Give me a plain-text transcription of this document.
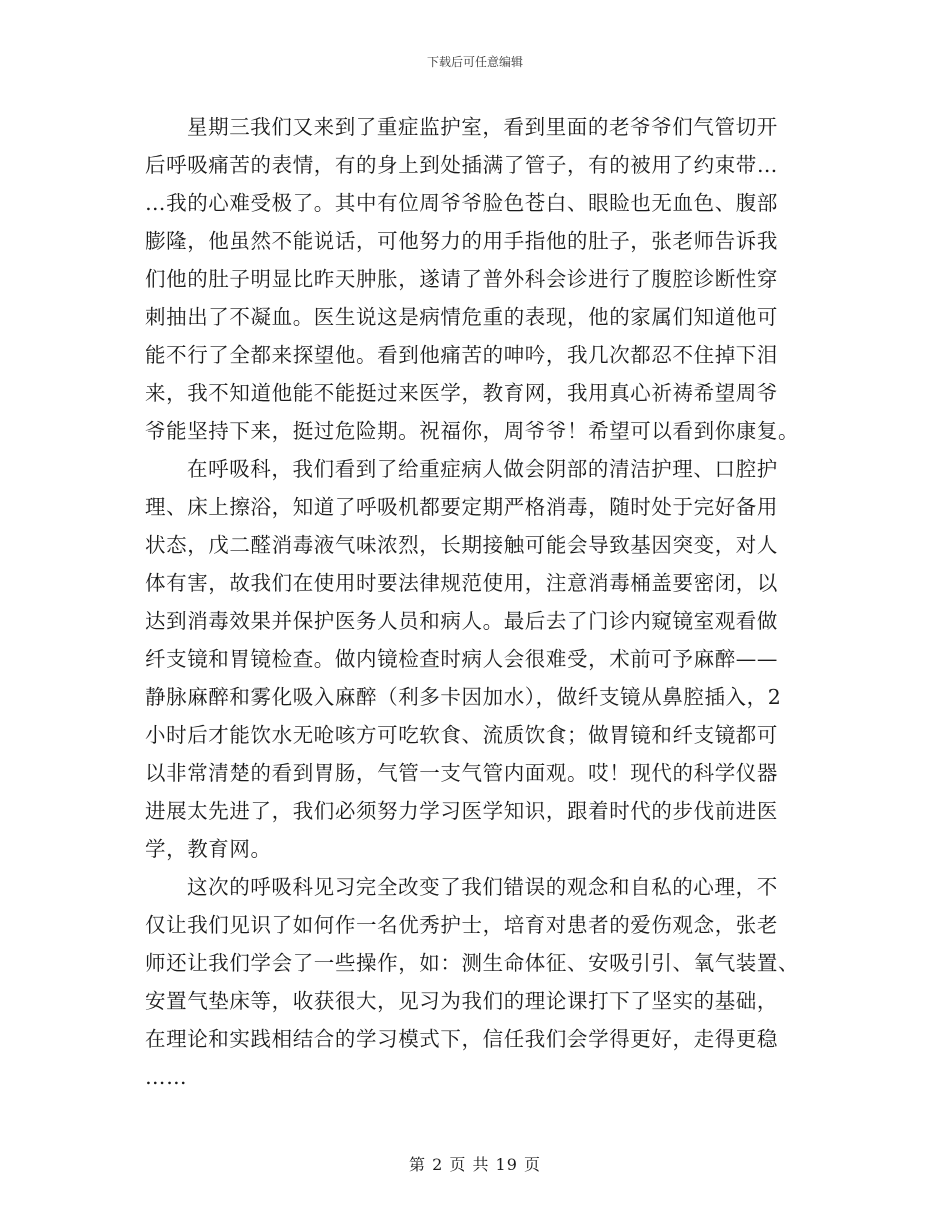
下载后可任意编辑
星期三我们又来到了重症监护室，看到里面的老爷爷们气管切开
后呼吸痛苦的表情，有的身上到处插满了管子，有的被用了约束带…
…我的心难受极了。其中有位周爷爷脸色苍白、眼睑也无血色、腹部
膨隆，他虽然不能说话，可他努力的用手指他的肚子，张老师告诉我
们他的肚子明显比昨天肿胀，遂请了普外科会诊进行了腹腔诊断性穿
刺抽出了不凝血。医生说这是病情危重的表现，他的家属们知道他可
能不行了全都来探望他。看到他痛苦的呻吟，我几次都忍不住掉下泪
来，我不知道他能不能挺过来医学，教育网，我用真心祈祷希望周爷
爷能坚持下来，挺过危险期。祝福你，周爷爷！希望可以看到你康复。
在呼吸科，我们看到了给重症病人做会阴部的清洁护理、口腔护
理、床上擦浴，知道了呼吸机都要定期严格消毒，随时处于完好备用
状态，戊二醛消毒液气味浓烈，长期接触可能会导致基因突变，对人
体有害，故我们在使用时要法律规范使用，注意消毒桶盖要密闭，以
达到消毒效果并保护医务人员和病人。最后去了门诊内窥镜室观看做
纤支镜和胃镜检查。做内镜检查时病人会很难受，术前可予麻醉——
静脉麻醉和雾化吸入麻醉（利多卡因加水），做纤支镜从鼻腔插入，2
小时后才能饮水无呛咳方可吃软食、流质饮食；做胃镜和纤支镜都可
以非常清楚的看到胃肠，气管一支气管内面观。哎！现代的科学仪器
进展太先进了，我们必须努力学习医学知识，跟着时代的步伐前进医
学，教育网。
这次的呼吸科见习完全改变了我们错误的观念和自私的心理，不
仅让我们见识了如何作一名优秀护士，培育对患者的爱伤观念，张老
师还让我们学会了一些操作，如：测生命体征、安吸引引、氧气装置、
安置气垫床等，收获很大，见习为我们的理论课打下了坚实的基础，
在理论和实践相结合的学习模式下，信任我们会学得更好，走得更稳
……
第 2 页 共 19 页
